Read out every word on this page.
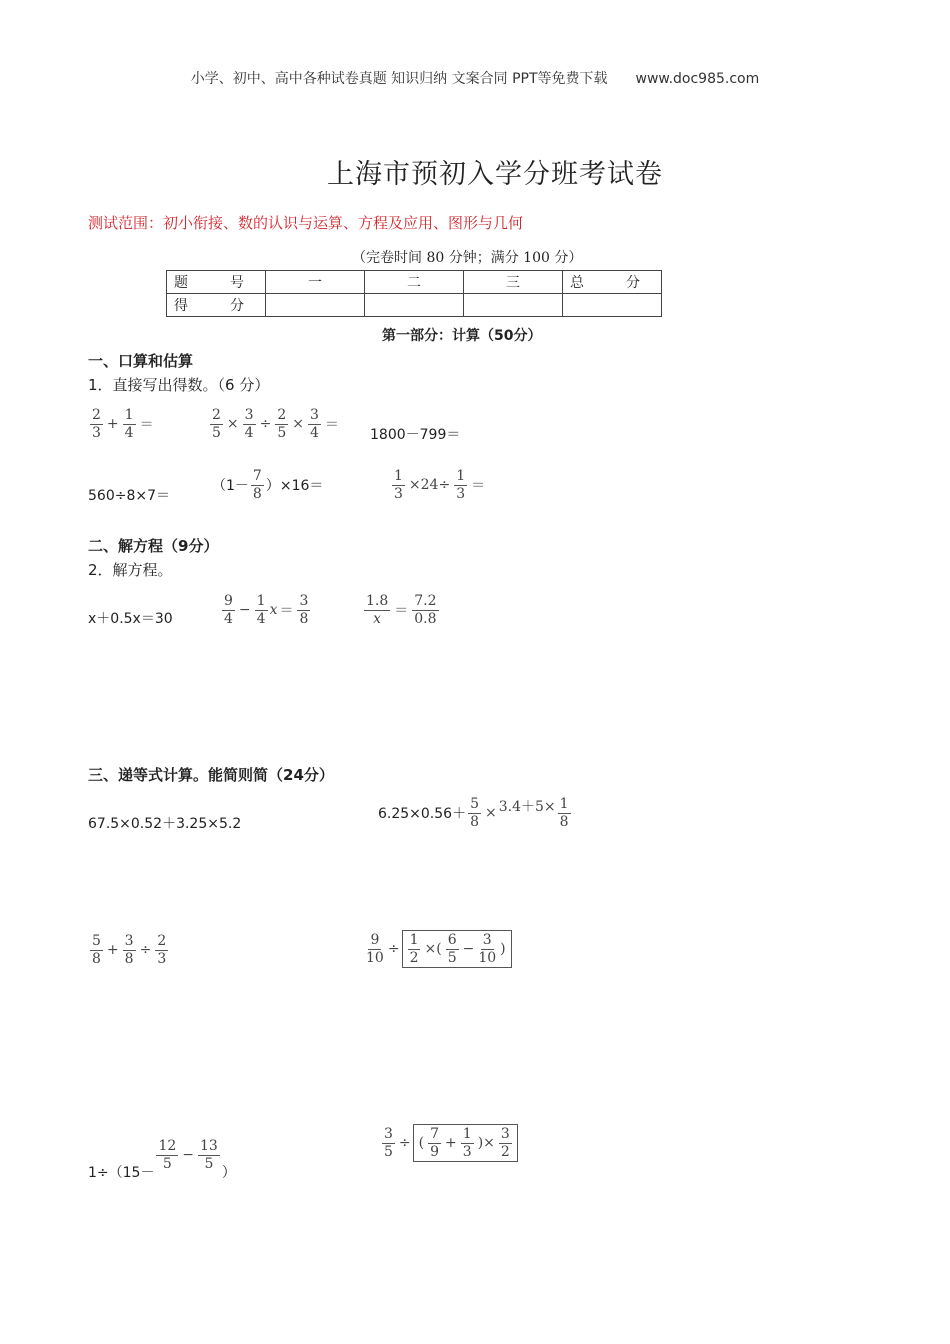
小学、初中、高中各种试卷真题 知识归纳 文案合同 PPT等免费下载 www.doc985.com
上海市预初入学分班考试卷
测试范围：初小衔接、数的认识与运算、方程及应用、图形与几何
（完卷时间 80 分钟；满分 100 分）
题　号	一	二	三	总　分
得　分				
第一部分：计算（50分）
一、口算和估算
1．直接写出得数。（6 分）
$\frac{2}{3} + \frac{1}{4}$ ＝	$\frac{2}{5} \times \frac{3}{4} \div \frac{2}{5} \times \frac{3}{4}$ ＝
1800－799＝
560÷8×7＝
$(1- \frac{7}{8} )\times 16=$	$\frac{1}{3} \times 24\div \frac{1}{3}$ ＝
二、解方程（9分）
2．解方程。
x＋0.5x＝30	$\frac{9}{4} - \frac{1}{4}$ $x = \frac{3}{8}$	$\frac{1.8}{x} = \frac{7.2}{0.8}$
三、递等式计算。能简则简（24分）
67.5×0.52＋3.25×5.2
$6.25\times 0.56+ \frac{5}{8} \times 3.4+5\times \frac{1}{8}$
$\frac{5}{8} + \frac{3}{8} \div \frac{2}{3}$	$\frac{9}{10} \div \frac{1}{2}$ ×( $\frac{6}{5} - \frac{3}{10}$ )
1÷（15－
$\frac{12}{5} - \frac{13}{5}$
）
$\frac{3}{5}$ ÷ ( $\frac{7}{9} + \frac{1}{3}$ )× $\frac{3}{2}$
